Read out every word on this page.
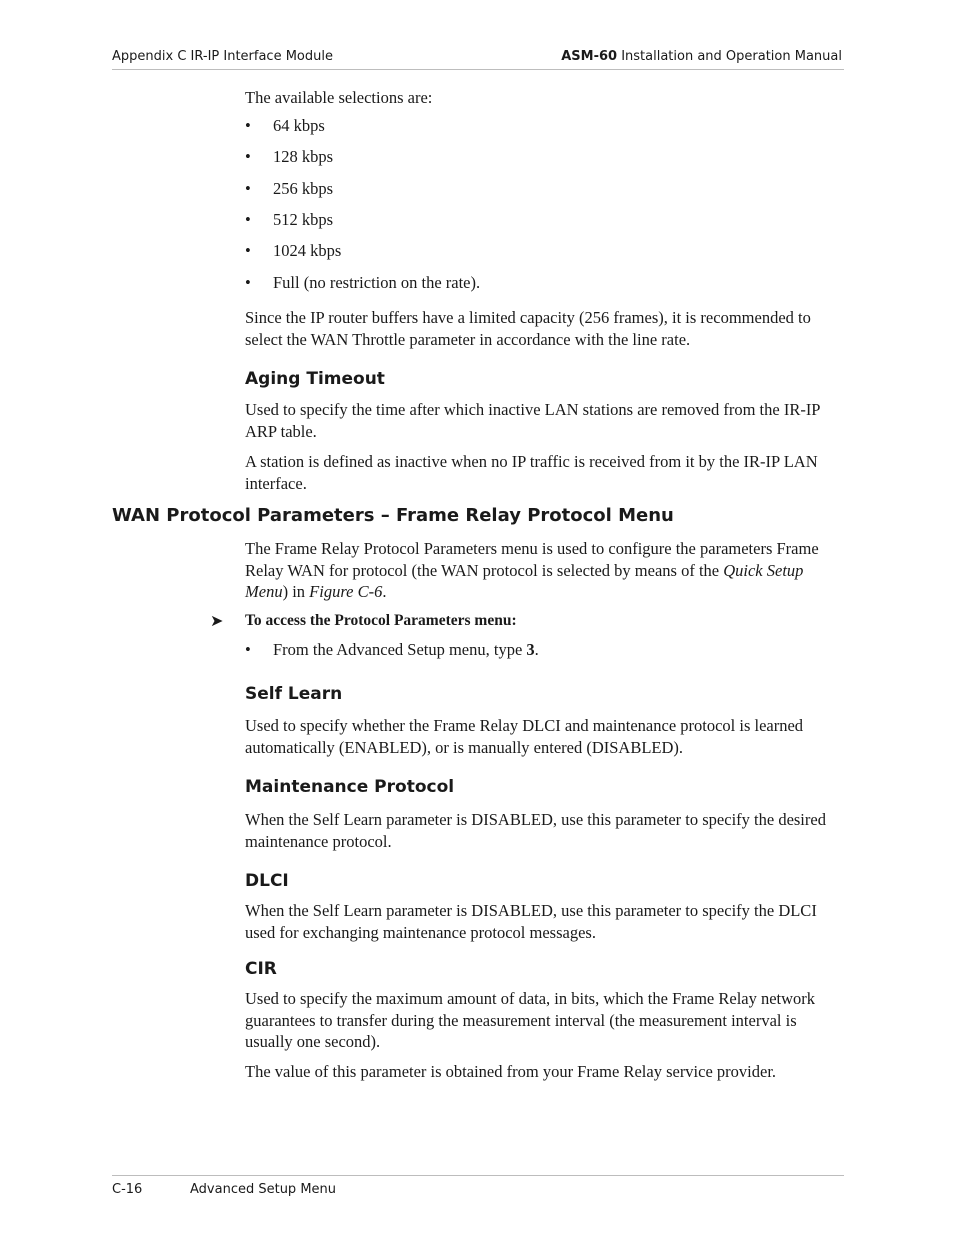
Appendix C IR-IP Interface Module	ASM-60 Installation and Operation Manual
The available selections are:
• 64 kbps
• 128 kbps
• 256 kbps
• 512 kbps
• 1024 kbps
• Full (no restriction on the rate).
Since the IP router buffers have a limited capacity (256 frames), it is recommended to select the WAN Throttle parameter in accordance with the line rate.
Aging Timeout
Used to specify the time after which inactive LAN stations are removed from the IR-IP ARP table.
A station is defined as inactive when no IP traffic is received from it by the IR-IP LAN interface.
WAN Protocol Parameters – Frame Relay Protocol Menu
The Frame Relay Protocol Parameters menu is used to configure the parameters Frame Relay WAN for protocol (the WAN protocol is selected by means of the Quick Setup Menu) in Figure C-6.
➤ To access the Protocol Parameters menu:
• From the Advanced Setup menu, type 3.
Self Learn
Used to specify whether the Frame Relay DLCI and maintenance protocol is learned automatically (ENABLED), or is manually entered (DISABLED).
Maintenance Protocol
When the Self Learn parameter is DISABLED, use this parameter to specify the desired maintenance protocol.
DLCI
When the Self Learn parameter is DISABLED, use this parameter to specify the DLCI used for exchanging maintenance protocol messages.
CIR
Used to specify the maximum amount of data, in bits, which the Frame Relay network guarantees to transfer during the measurement interval (the measurement interval is usually one second).
The value of this parameter is obtained from your Frame Relay service provider.
C-16	Advanced Setup Menu
